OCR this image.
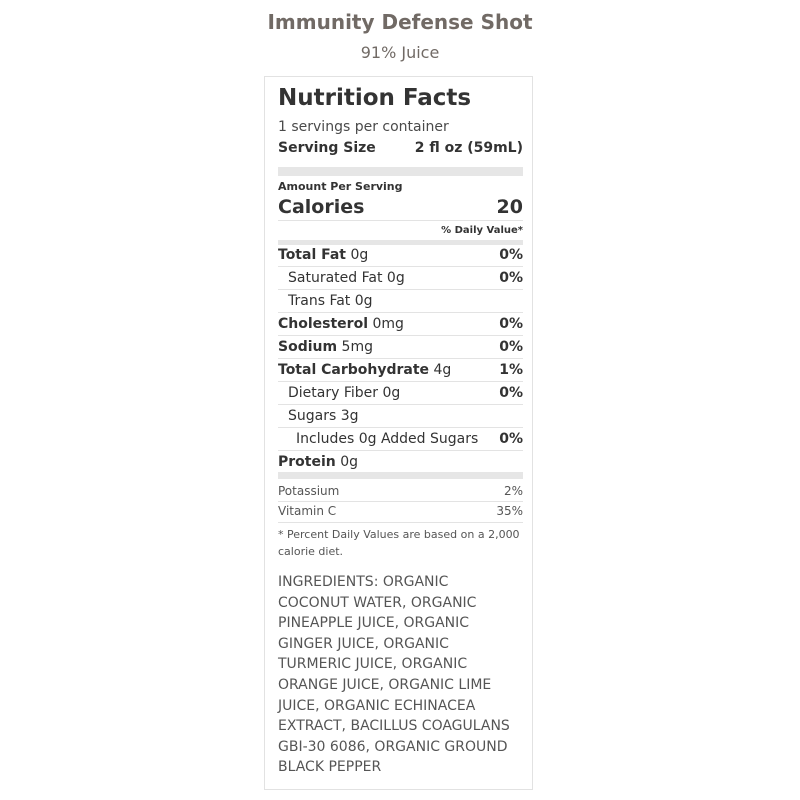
Immunity Defense Shot
91% Juice
Nutrition Facts
1 servings per container
Serving Size	2 fl oz (59mL)
Amount Per Serving
Calories	20
% Daily Value*
Total Fat 0g	0%
Saturated Fat 0g	0%
Trans Fat 0g
Cholesterol 0mg	0%
Sodium 5mg	0%
Total Carbohydrate 4g	1%
Dietary Fiber 0g	0%
Sugars 3g
Includes 0g Added Sugars 0%
Protein 0g
Potassium	2%
Vitamin C	35%
* Percent Daily Values are based on a 2,000 calorie diet.
INGREDIENTS: ORGANIC COCONUT WATER, ORGANIC PINEAPPLE JUICE, ORGANIC GINGER JUICE, ORGANIC TURMERIC JUICE, ORGANIC ORANGE JUICE, ORGANIC LIME JUICE, ORGANIC ECHINACEA EXTRACT, BACILLUS COAGULANS GBI-30 6086, ORGANIC GROUND BLACK PEPPER
